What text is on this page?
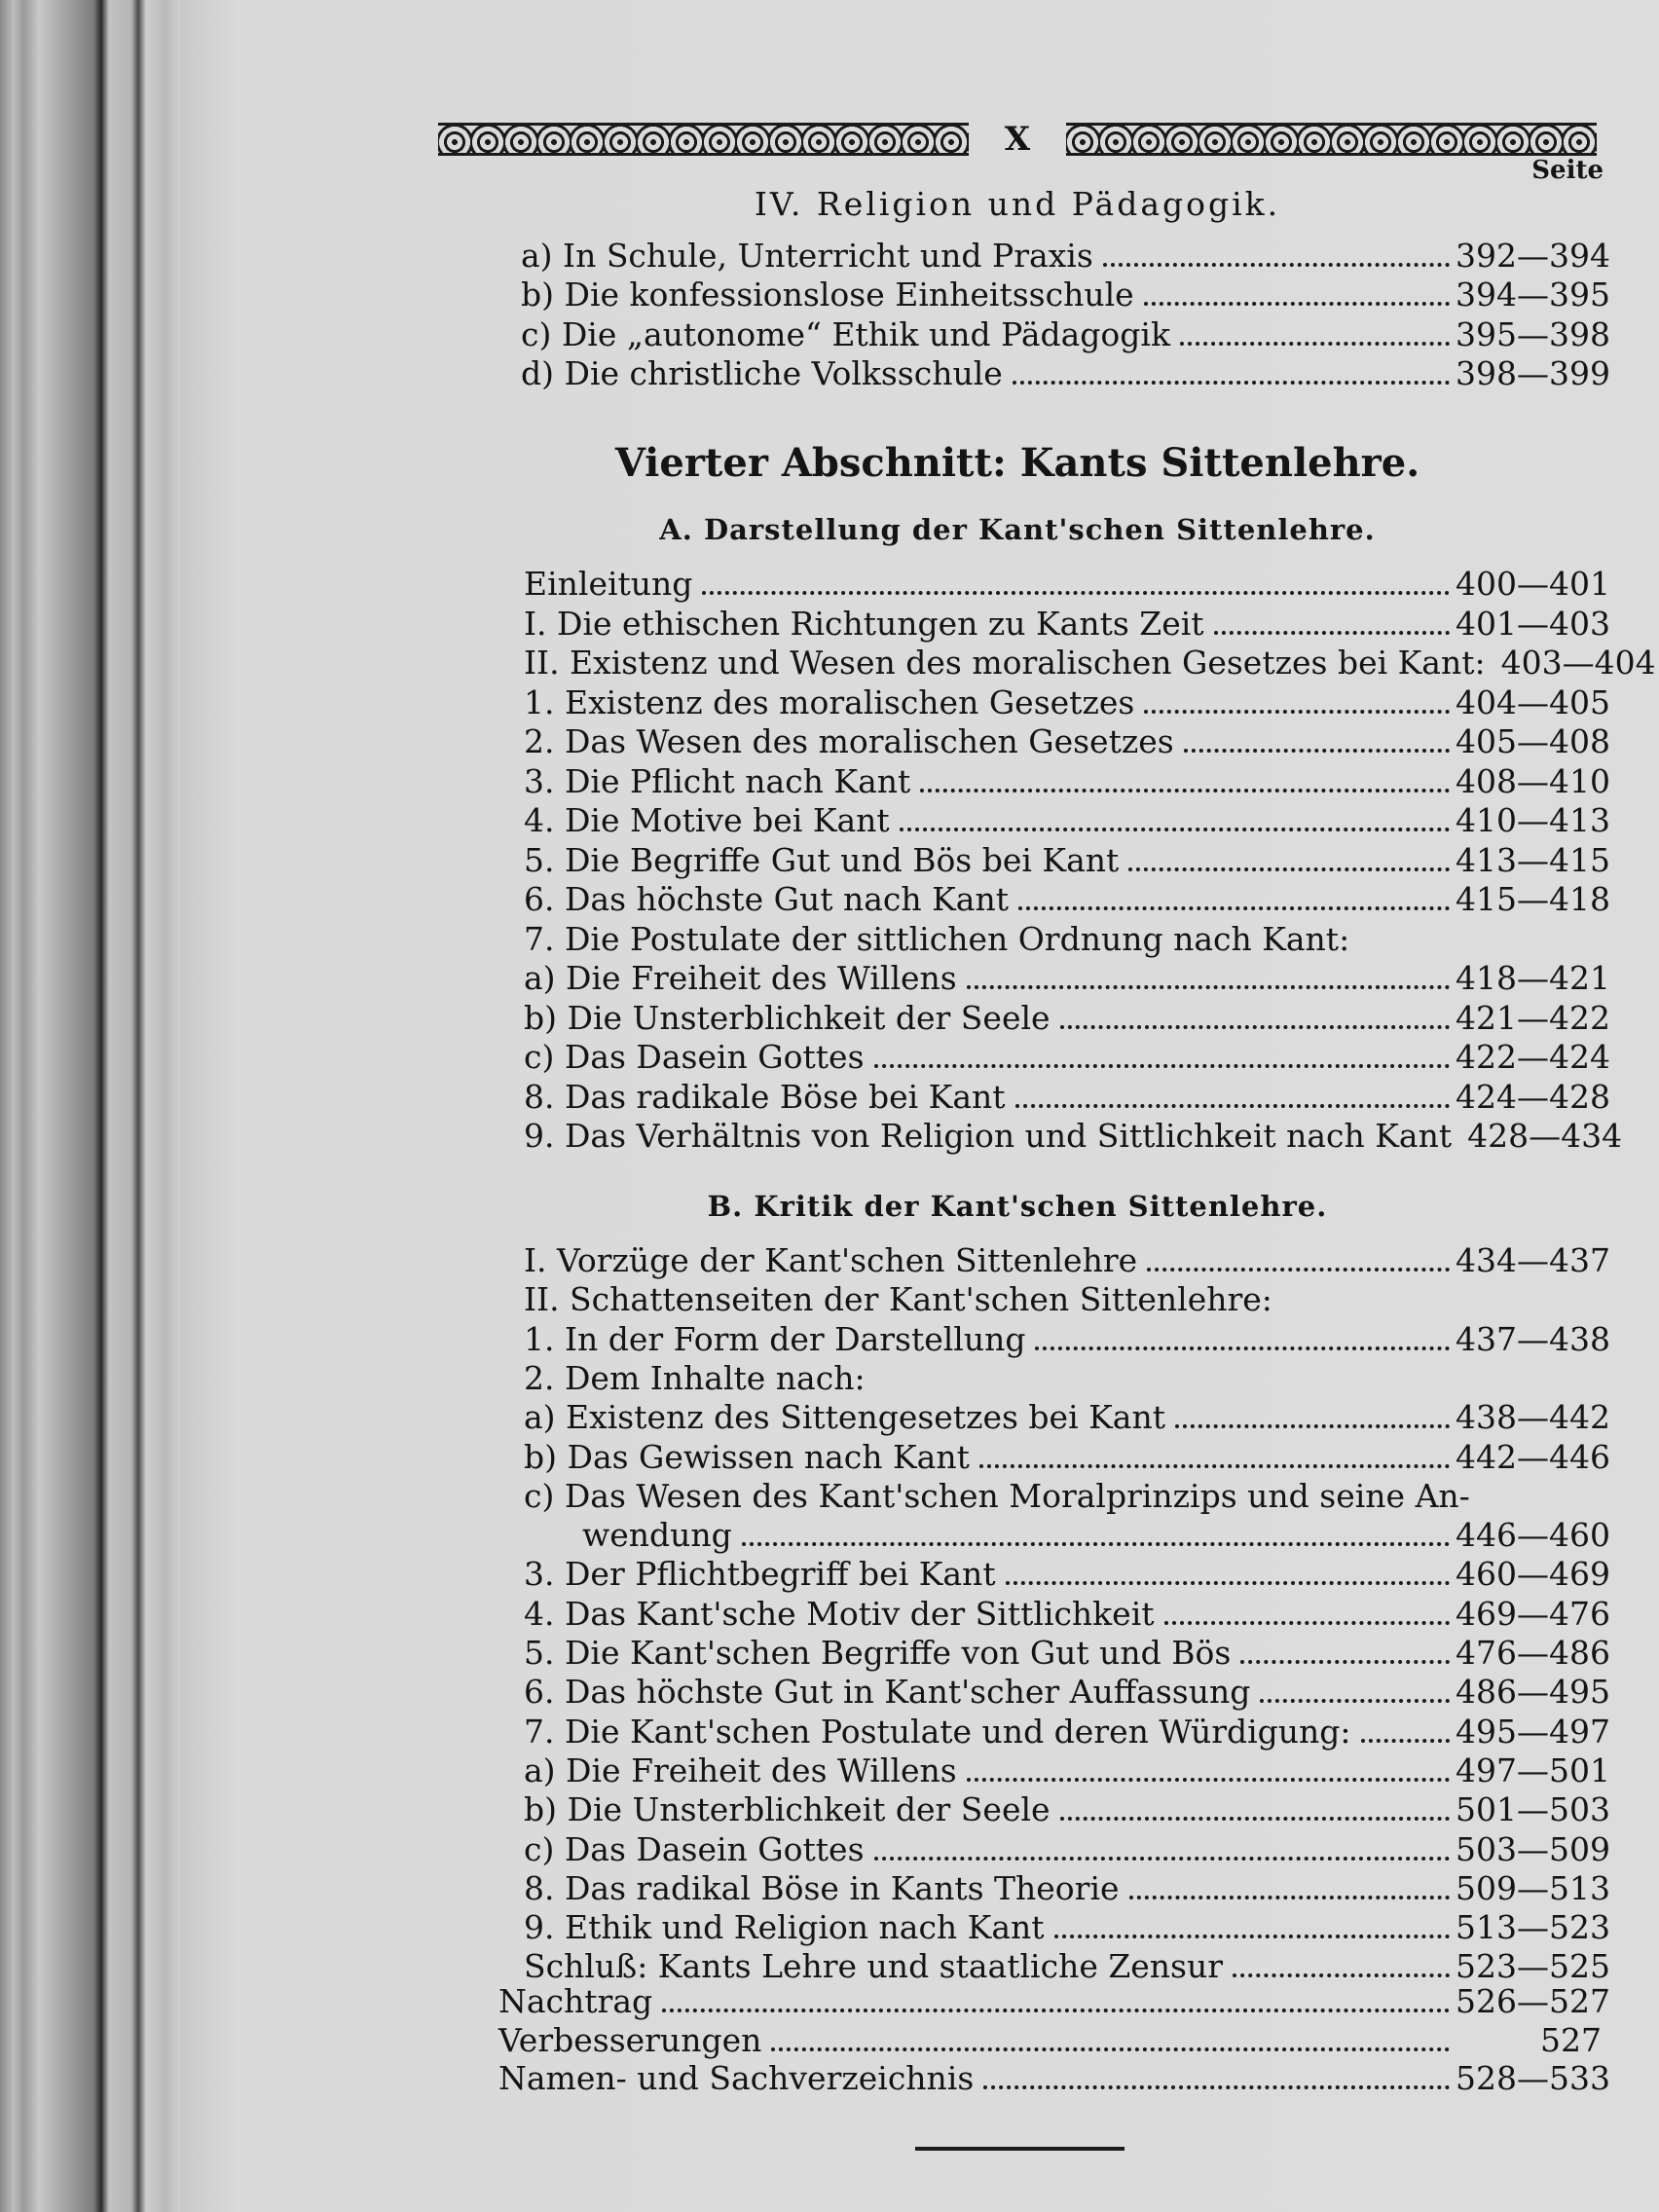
X
Seite
IV. Religion und Pädagogik.
Vierter Abschnitt: Kants Sittenlehre.
A. Darstellung der Kant'schen Sittenlehre.
B. Kritik der Kant'schen Sittenlehre.
a) In Schule, Unterricht und Praxis	392—394
b) Die konfessionslose Einheitsschule	394—395
c) Die „autonome“ Ethik und Pädagogik	395—398
d) Die christliche Volksschule	398—399
Einleitung	400—401
I. Die ethischen Richtungen zu Kants Zeit	401—403
II. Existenz und Wesen des moralischen Gesetzes bei Kant: 403—404
1. Existenz des moralischen Gesetzes	404—405
2. Das Wesen des moralischen Gesetzes	405—408
3. Die Pflicht nach Kant	408—410
4. Die Motive bei Kant	410—413
5. Die Begriffe Gut und Bös bei Kant	413—415
6. Das höchste Gut nach Kant	415—418
7. Die Postulate der sittlichen Ordnung nach Kant:
a) Die Freiheit des Willens	418—421
b) Die Unsterblichkeit der Seele	421—422
c) Das Dasein Gottes	422—424
8. Das radikale Böse bei Kant	424—428
9. Das Verhältnis von Religion und Sittlichkeit nach Kant 428—434
I. Vorzüge der Kant'schen Sittenlehre	434—437
II. Schattenseiten der Kant'schen Sittenlehre:
1. In der Form der Darstellung	437—438
2. Dem Inhalte nach:
a) Existenz des Sittengesetzes bei Kant	438—442
b) Das Gewissen nach Kant	442—446
c) Das Wesen des Kant'schen Moralprinzips und seine An-
wendung	446—460
3. Der Pflichtbegriff bei Kant	460—469
4. Das Kant'sche Motiv der Sittlichkeit	469—476
5. Die Kant'schen Begriffe von Gut und Bös	476—486
6. Das höchste Gut in Kant'scher Auffassung	486—495
7. Die Kant'schen Postulate und deren Würdigung:	495—497
a) Die Freiheit des Willens	497—501
b) Die Unsterblichkeit der Seele	501—503
c) Das Dasein Gottes	503—509
8. Das radikal Böse in Kants Theorie	509—513
9. Ethik und Religion nach Kant	513—523
Schluß: Kants Lehre und staatliche Zensur	523—525
Nachtrag	526—527
Verbesserungen	527
Namen- und Sachverzeichnis	528—533
